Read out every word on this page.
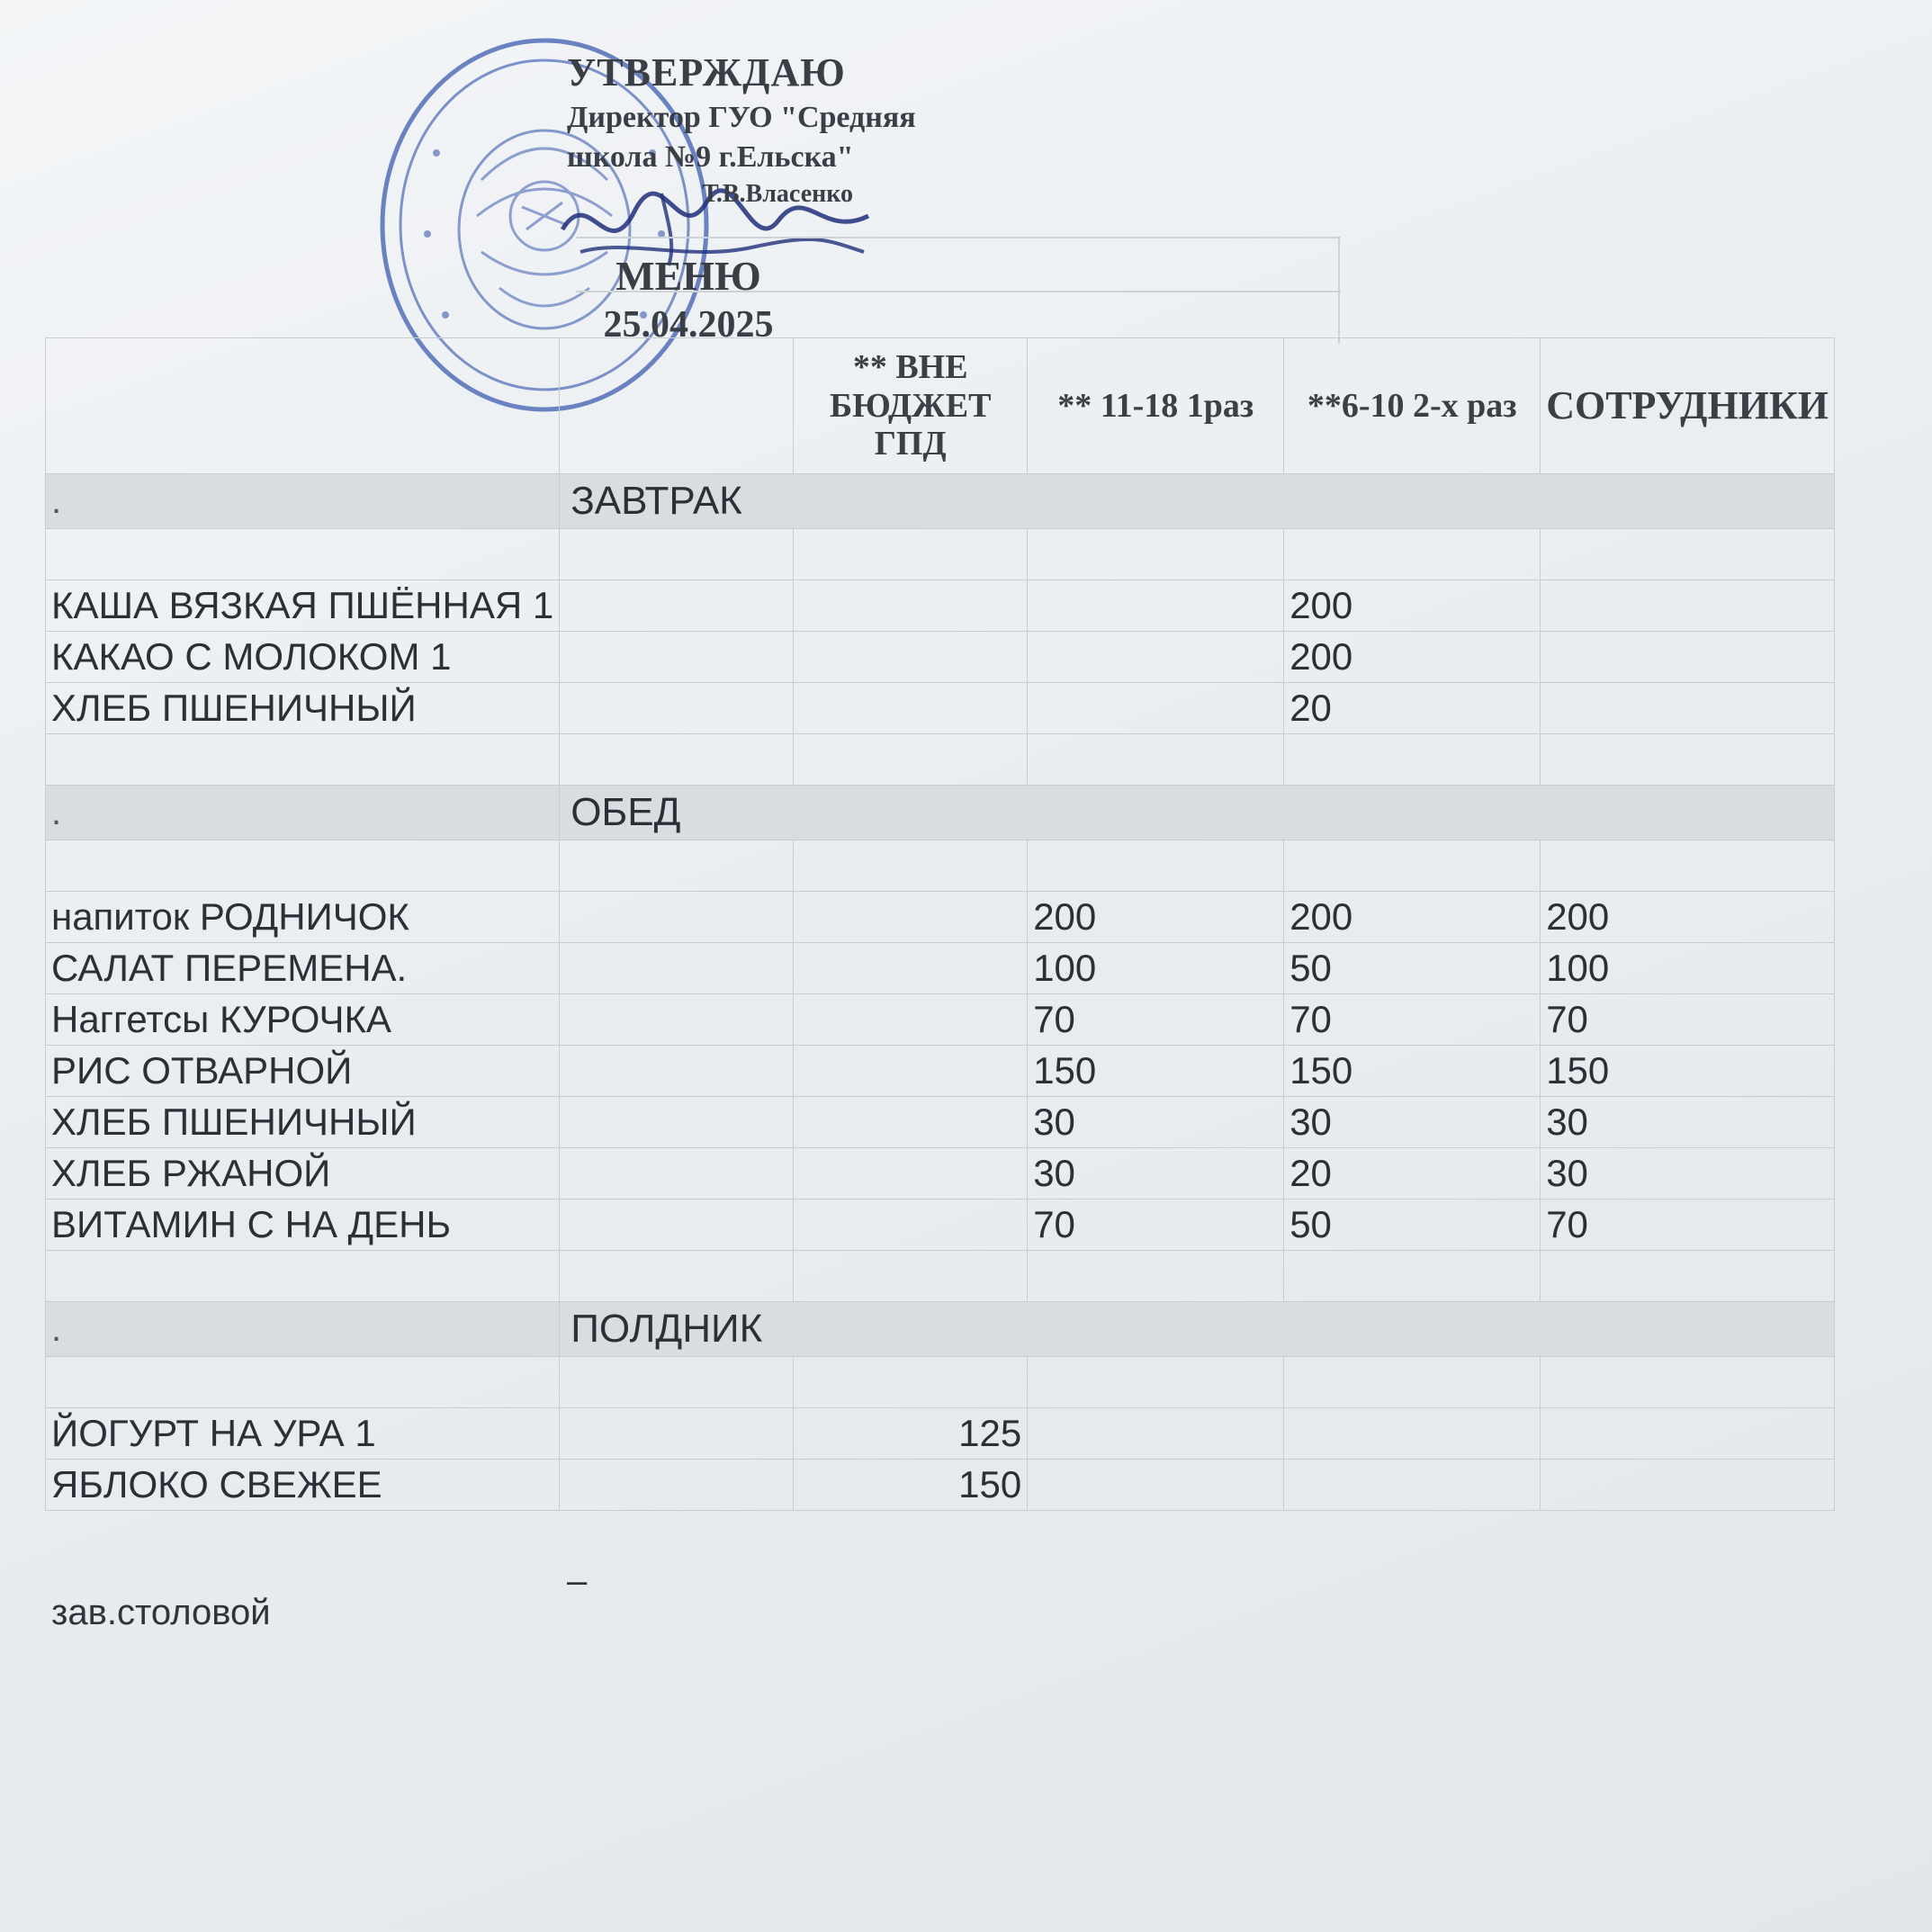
УТВЕРЖДАЮ
Директор ГУО "Средняя
школа №9 г.Ельска"
Т.В.Власенко
МЕНЮ
25.04.2025
		** ВНЕ БЮДЖЕТ ГПД	** 11-18 1раз	**6-10 2-х раз	СОТРУДНИКИ
.	ЗАВТРАК				

КАША ВЯЗКАЯ ПШЁННАЯ 1				200	
КАКАО С МОЛОКОМ 1				200	
ХЛЕБ ПШЕНИЧНЫЙ				20	

.	ОБЕД				

напиток РОДНИЧОК			200	200	200
САЛАТ ПЕРЕМЕНА.			100	50	100
Наггетсы КУРОЧКА			70	70	70
РИС ОТВАРНОЙ			150	150	150
ХЛЕБ ПШЕНИЧНЫЙ			30	30	30
ХЛЕБ РЖАНОЙ			30	20	30
ВИТАМИН С НА ДЕНЬ			70	50	70

.	ПОЛДНИК				

ЙОГУРТ НА УРА 1		125			
ЯБЛОКО СВЕЖЕЕ		150			
–
зав.столовой
